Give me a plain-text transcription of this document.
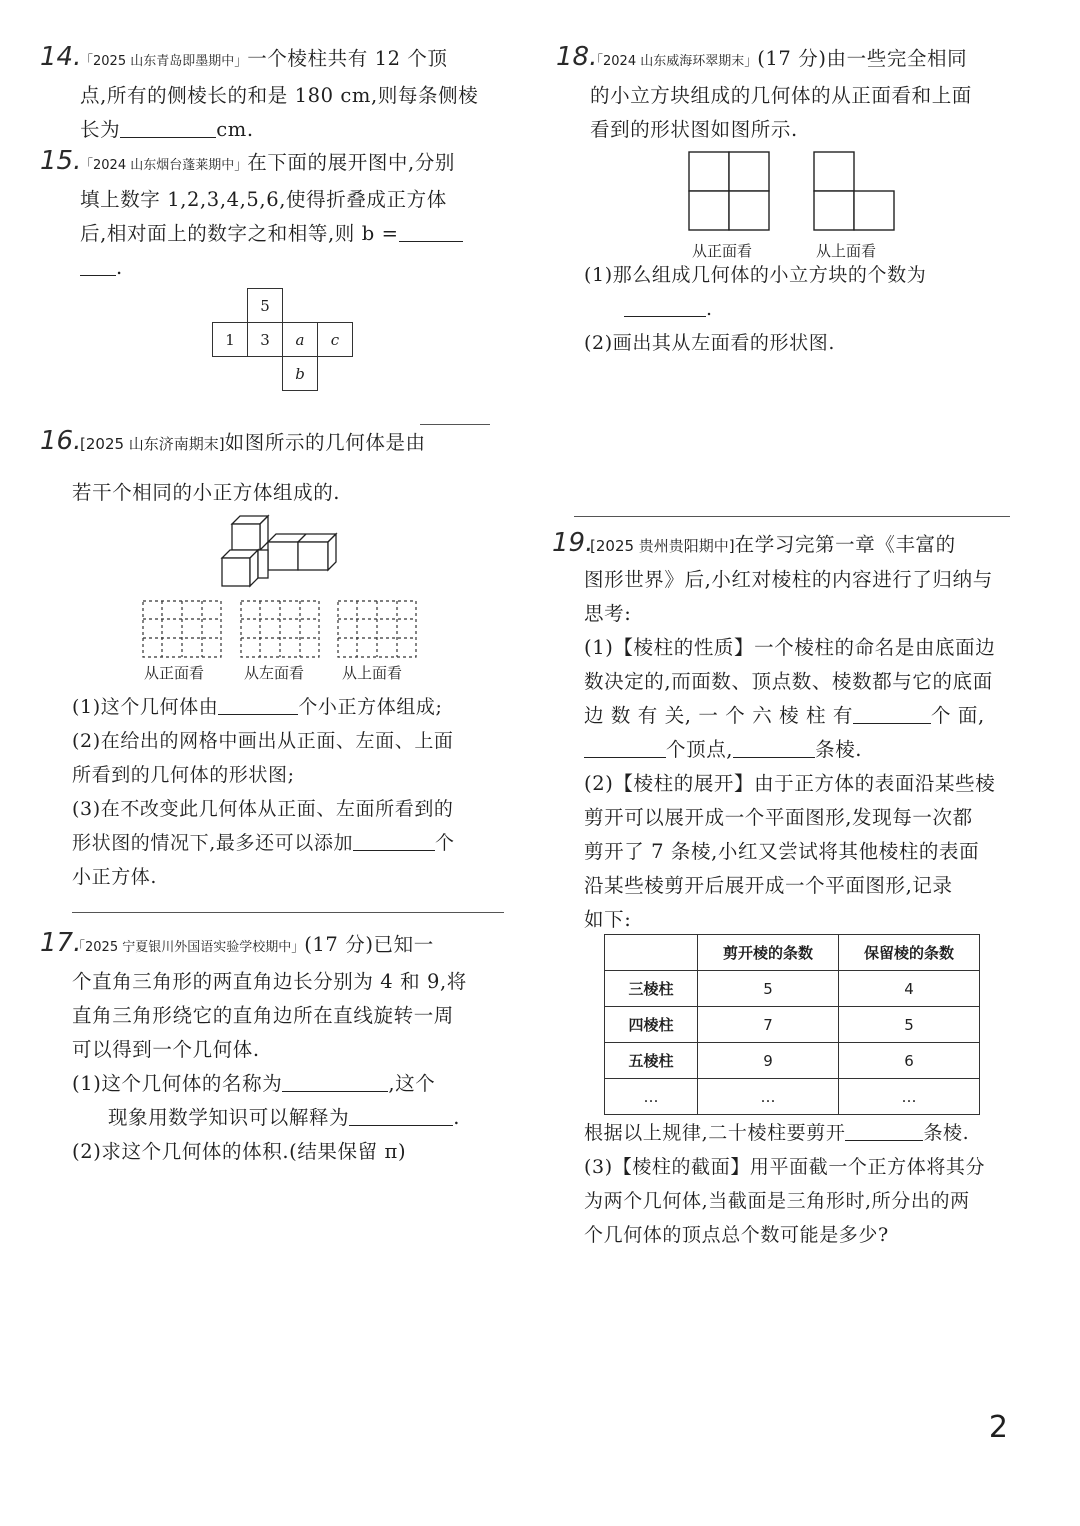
14.
「2025 山东青岛即墨期中」一个棱柱共有 12 个顶
点,所有的侧棱长的和是 180 cm,则每条侧棱
长为	cm.
15.
「2024 山东烟台蓬莱期中」在下面的展开图中,分别
填上数字 1,2,3,4,5,6,使得折叠成正方体
后,相对面上的数字之和相等,则 b =
.
	5		
1	3	a	c
		b	
16.
[2025 山东济南期末]如图所示的几何体是由
若干个相同的小正方体组成的.
从正面看	从左面看	从上面看
(1)这个几何体由	个小正方体组成;
(2)在给出的网格中画出从正面、左面、上面
所看到的几何体的形状图;
(3)在不改变此几何体从正面、左面所看到的
形状图的情况下,最多还可以添加	个
小正方体.
17.
「2025 宁夏银川外国语实验学校期中」(17 分)已知一
个直角三角形的两直角边长分别为 4 和 9,将
直角三角形绕它的直角边所在直线旋转一周
可以得到一个几何体.
(1)这个几何体的名称为	,这个
现象用数学知识可以解释为	.
(2)求这个几何体的体积.(结果保留 π)
18.
「2024 山东威海环翠期末」(17 分)由一些完全相同
的小立方块组成的几何体的从正面看和上面
看到的形状图如图所示.
从正面看	从上面看
(1)那么组成几何体的小立方块的个数为
.
(2)画出其从左面看的形状图.
19.
[2025 贵州贵阳期中]在学习完第一章《丰富的
图形世界》后,小红对棱柱的内容进行了归纳与
思考:
(1)【棱柱的性质】一个棱柱的命名是由底面边
数决定的,而面数、顶点数、棱数都与它的底面
边 数 有 关, 一 个 六 棱 柱 有	个 面,
个顶点,	条棱.
(2)【棱柱的展开】由于正方体的表面沿某些棱
剪开可以展开成一个平面图形,发现每一次都
剪开了 7 条棱,小红又尝试将其他棱柱的表面
沿某些棱剪开后展开成一个平面图形,记录
如下:
	剪开棱的条数	保留棱的条数
三棱柱	5	4
四棱柱	7	5
五棱柱	9	6
…	…	…
根据以上规律,二十棱柱要剪开	条棱.
(3)【棱柱的截面】用平面截一个正方体将其分
为两个几何体,当截面是三角形时,所分出的两
个几何体的顶点总个数可能是多少?
2
